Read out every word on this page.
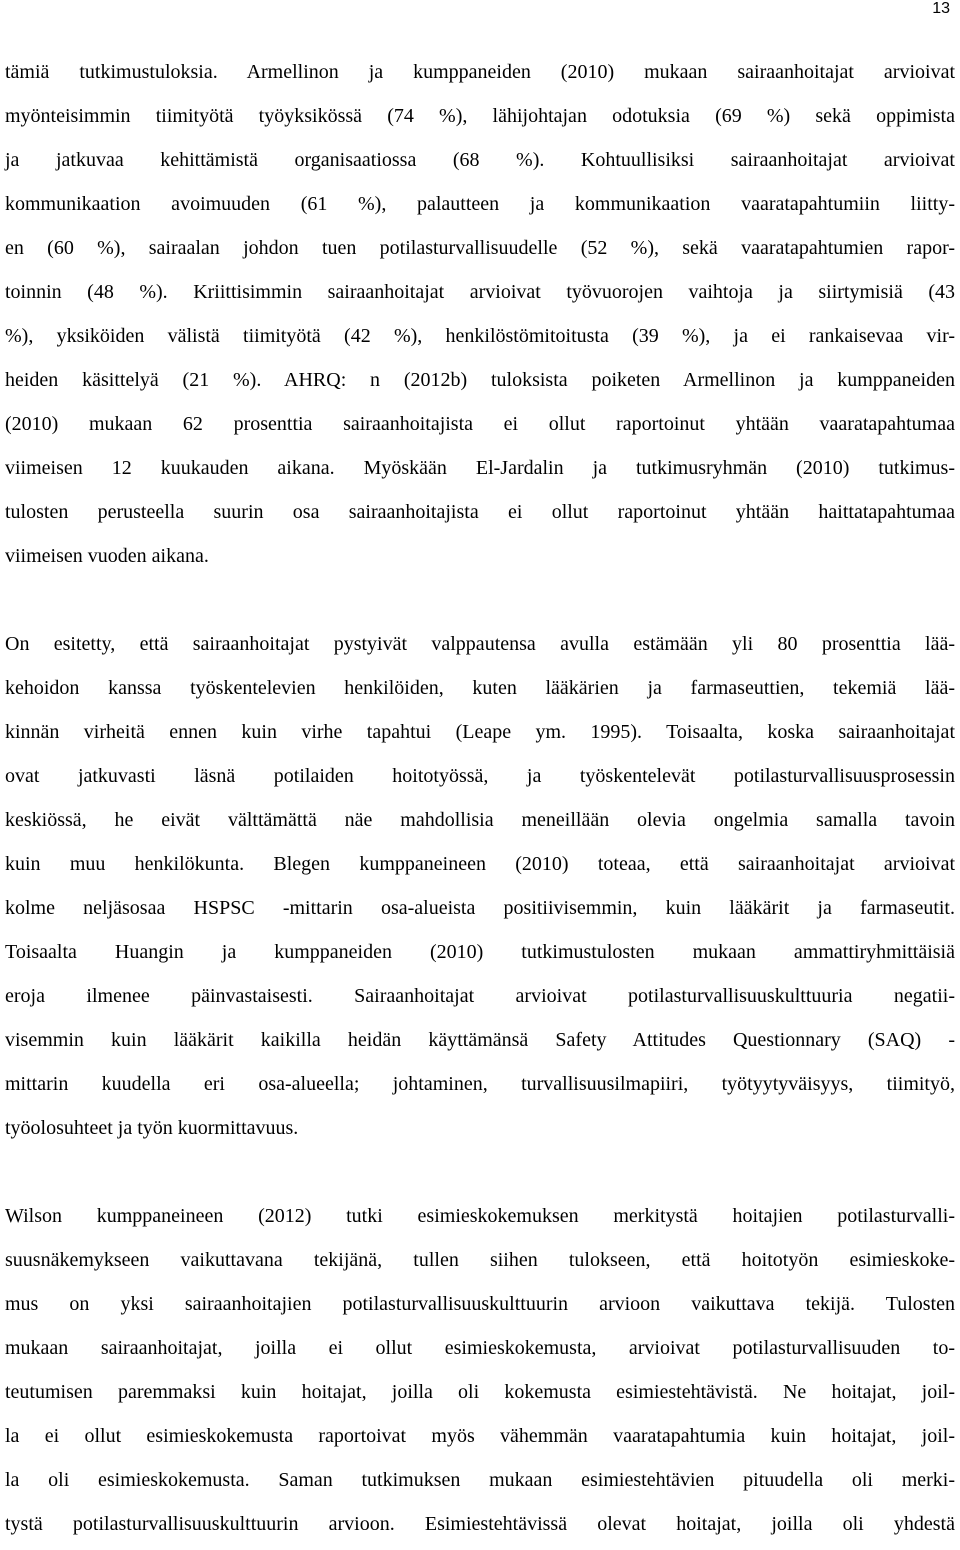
13
tämiä tutkimustuloksia. Armellinon ja kumppaneiden (2010) mukaan sairaanhoitajat arvioivat
myönteisimmin tiimityötä työyksikössä (74 %), lähijohtajan odotuksia (69 %) sekä oppimista
ja jatkuvaa kehittämistä organisaatiossa (68 %). Kohtuullisiksi sairaanhoitajat arvioivat
kommunikaation avoimuuden (61 %), palautteen ja kommunikaation vaaratapahtumiin liitty-
en (60 %), sairaalan johdon tuen potilasturvallisuudelle (52 %), sekä vaaratapahtumien rapor-
toinnin (48 %). Kriittisimmin sairaanhoitajat arvioivat työvuorojen vaihtoja ja siirtymisiä (43
%), yksiköiden välistä tiimityötä (42 %), henkilöstömitoitusta (39 %), ja ei rankaisevaa vir-
heiden käsittelyä (21 %). AHRQ: n (2012b) tuloksista poiketen Armellinon ja kumppaneiden
(2010) mukaan 62 prosenttia sairaanhoitajista ei ollut raportoinut yhtään vaaratapahtumaa
viimeisen 12 kuukauden aikana. Myöskään El-Jardalin ja tutkimusryhmän (2010) tutkimus-
tulosten perusteella suurin osa sairaanhoitajista ei ollut raportoinut yhtään haittatapahtumaa
viimeisen vuoden aikana.
On esitetty, että sairaanhoitajat pystyivät valppautensa avulla estämään yli 80 prosenttia lää-
kehoidon kanssa työskentelevien henkilöiden, kuten lääkärien ja farmaseuttien, tekemiä lää-
kinnän virheitä ennen kuin virhe tapahtui (Leape ym. 1995). Toisaalta, koska sairaanhoitajat
ovat jatkuvasti läsnä potilaiden hoitotyössä, ja työskentelevät potilasturvallisuusprosessin
keskiössä, he eivät välttämättä näe mahdollisia meneillään olevia ongelmia samalla tavoin
kuin muu henkilökunta. Blegen kumppaneineen (2010) toteaa, että sairaanhoitajat arvioivat
kolme neljäsosaa HSPSC -mittarin osa-alueista positiivisemmin, kuin lääkärit ja farmaseutit.
Toisaalta Huangin ja kumppaneiden (2010) tutkimustulosten mukaan ammattiryhmittäisiä
eroja ilmenee päinvastaisesti. Sairaanhoitajat arvioivat potilasturvallisuuskulttuuria negatii-
visemmin kuin lääkärit kaikilla heidän käyttämänsä Safety Attitudes Questionnary (SAQ) -
mittarin kuudella eri osa-alueella; johtaminen, turvallisuusilmapiiri, työtyytyväisyys, tiimityö,
työolosuhteet ja työn kuormittavuus.
Wilson kumppaneineen (2012) tutki esimieskokemuksen merkitystä hoitajien potilasturvalli-
suusnäkemykseen vaikuttavana tekijänä, tullen siihen tulokseen, että hoitotyön esimieskoke-
mus on yksi sairaanhoitajien potilasturvallisuuskulttuurin arvioon vaikuttava tekijä. Tulosten
mukaan sairaanhoitajat, joilla ei ollut esimieskokemusta, arvioivat potilasturvallisuuden to-
teutumisen paremmaksi kuin hoitajat, joilla oli kokemusta esimiestehtävistä. Ne hoitajat, joil-
la ei ollut esimieskokemusta raportoivat myös vähemmän vaaratapahtumia kuin hoitajat, joil-
la oli esimieskokemusta. Saman tutkimuksen mukaan esimiestehtävien pituudella oli merki-
tystä potilasturvallisuuskulttuurin arvioon. Esimiestehtävissä olevat hoitajat, joilla oli yhdestä
